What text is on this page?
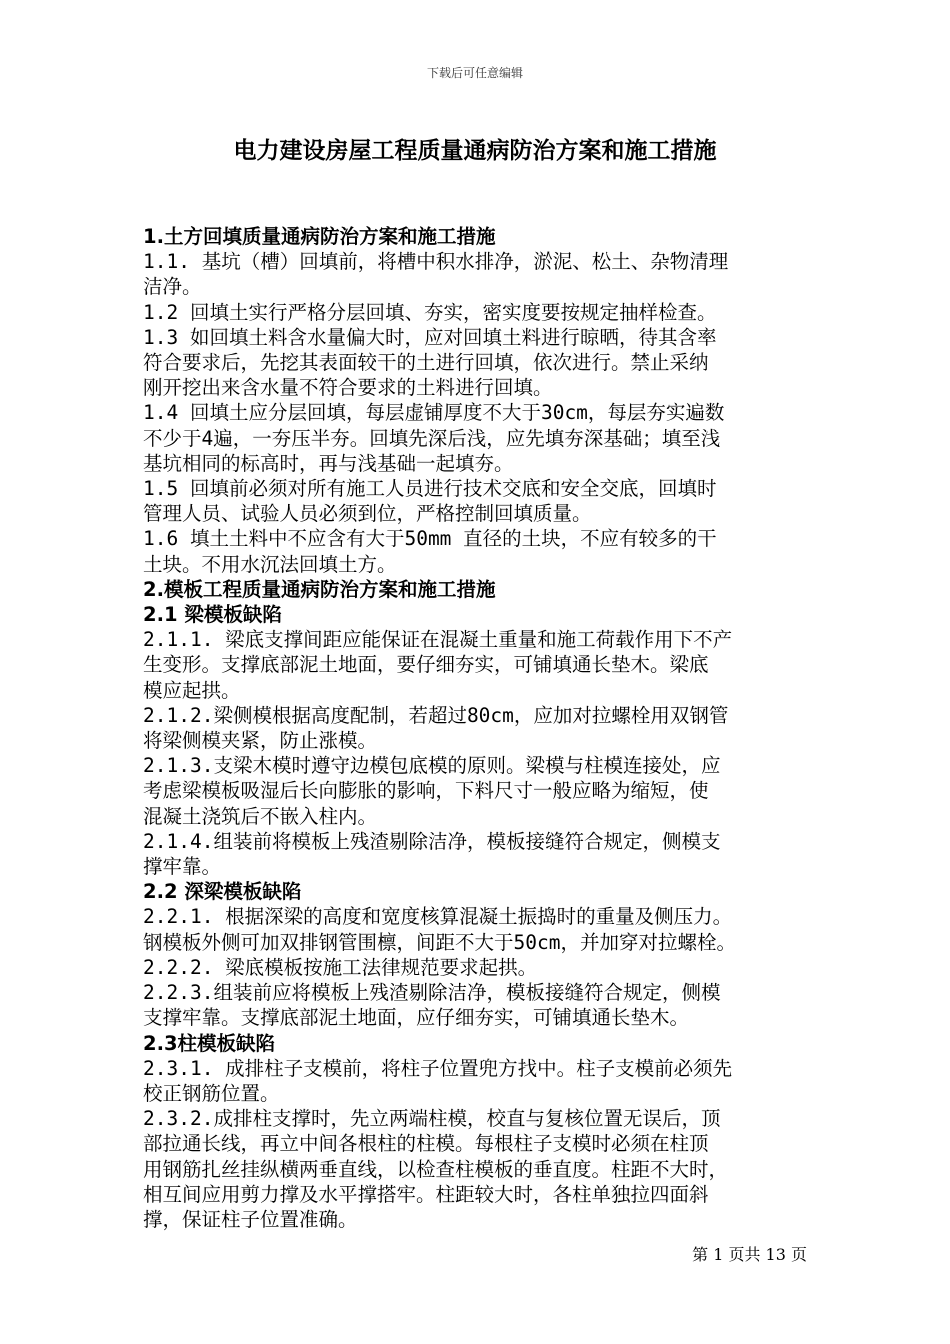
下载后可任意编辑
电力建设房屋工程质量通病防治方案和施工措施
1.土方回填质量通病防治方案和施工措施
1.1. 基坑（槽）回填前，将槽中积水排净，淤泥、松土、杂物清理
洁净。
1.2 回填土实行严格分层回填、夯实，密实度要按规定抽样检查。
1.3 如回填土料含水量偏大时，应对回填土料进行晾晒，待其含率
符合要求后，先挖其表面较干的土进行回填，依次进行。禁止采纳
刚开挖出来含水量不符合要求的土料进行回填。
1.4 回填土应分层回填，每层虚铺厚度不大于30cm，每层夯实遍数
不少于4遍，一夯压半夯。回填先深后浅，应先填夯深基础；填至浅
基坑相同的标高时，再与浅基础一起填夯。
1.5 回填前必须对所有施工人员进行技术交底和安全交底，回填时
管理人员、试验人员必须到位，严格控制回填质量。
1.6 填土土料中不应含有大于50mm 直径的土块，不应有较多的干
土块。不用水沉法回填土方。
2.模板工程质量通病防治方案和施工措施
2.1 梁模板缺陷
2.1.1. 梁底支撑间距应能保证在混凝土重量和施工荷载作用下不产
生变形。支撑底部泥土地面，要仔细夯实，可铺填通长垫木。梁底
模应起拱。
2.1.2.梁侧模根据高度配制，若超过80cm，应加对拉螺栓用双钢管
将梁侧模夹紧，防止涨模。
2.1.3.支梁木模时遵守边模包底模的原则。梁模与柱模连接处，应
考虑梁模板吸湿后长向膨胀的影响，下料尺寸一般应略为缩短，使
混凝土浇筑后不嵌入柱内。
2.1.4.组装前将模板上残渣剔除洁净，模板接缝符合规定，侧模支
撑牢靠。
2.2 深梁模板缺陷
2.2.1. 根据深梁的高度和宽度核算混凝土振捣时的重量及侧压力。
钢模板外侧可加双排钢管围檩，间距不大于50cm，并加穿对拉螺栓。
2.2.2. 梁底模板按施工法律规范要求起拱。
2.2.3.组装前应将模板上残渣剔除洁净，模板接缝符合规定，侧模
支撑牢靠。支撑底部泥土地面，应仔细夯实，可铺填通长垫木。
2.3柱模板缺陷
2.3.1. 成排柱子支模前，将柱子位置兜方找中。柱子支模前必须先
校正钢筋位置。
2.3.2.成排柱支撑时，先立两端柱模，校直与复核位置无误后，顶
部拉通长线，再立中间各根柱的柱模。每根柱子支模时必须在柱顶
用钢筋扎丝挂纵横两垂直线，以检查柱模板的垂直度。柱距不大时，
相互间应用剪力撑及水平撑搭牢。柱距较大时，各柱单独拉四面斜
撑，保证柱子位置准确。
第 1 页共 13 页
